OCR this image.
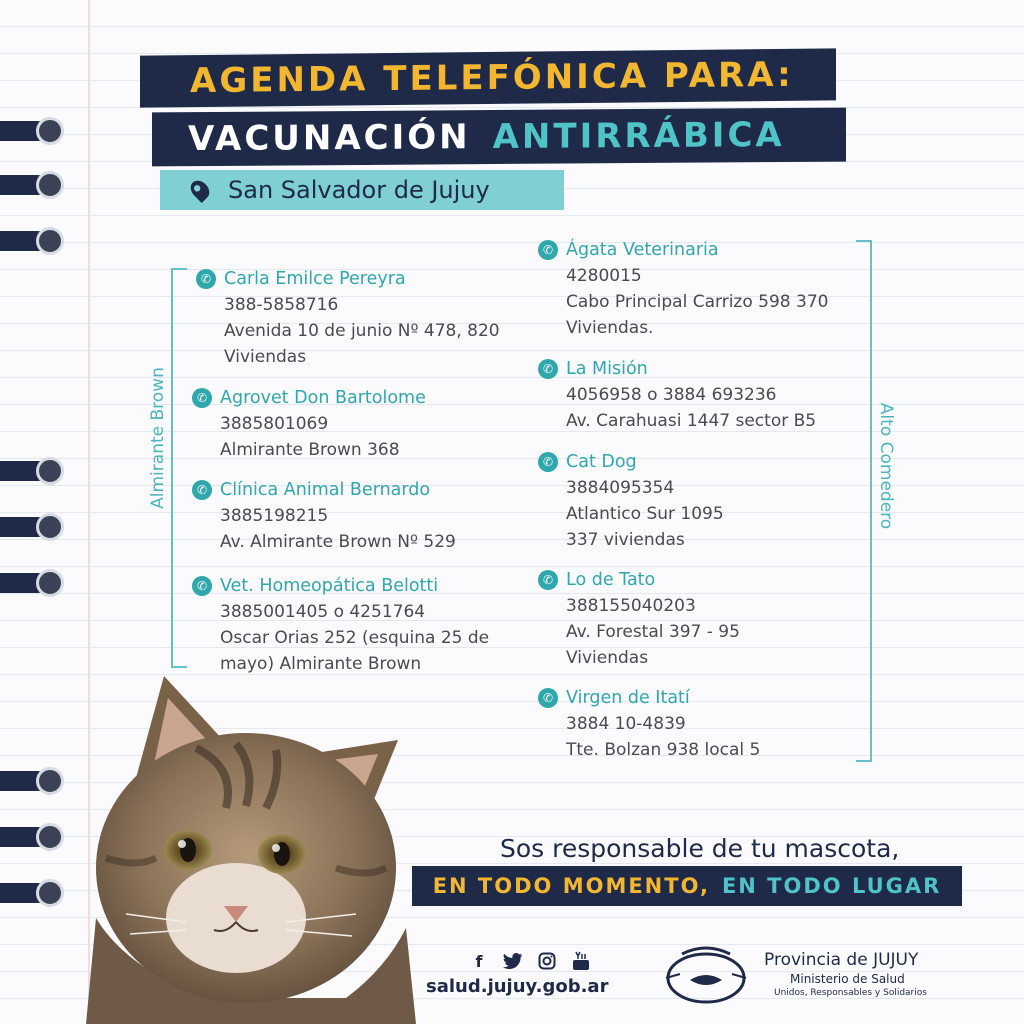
AGENDA TELEFÓNICA PARA:
VACUNACIÓN ANTIRRÁBICA
San Salvador de Jujuy
Almirante Brown	Alto Comedero
✆ Carla Emilce Pereyra
388-5858716
Avenida 10 de junio Nº 478, 820
Viviendas
✆ Agrovet Don Bartolome
3885801069
Almirante Brown 368
✆ Clínica Animal Bernardo
3885198215
Av. Almirante Brown Nº 529
✆ Vet. Homeopática Belotti
3885001405 o 4251764
Oscar Orias 252 (esquina 25 de
mayo) Almirante Brown
✆ Ágata Veterinaria
4280015
Cabo Principal Carrizo 598 370
Viviendas.
✆ La Misión
4056958 o 3884 693236
Av. Carahuasi 1447 sector B5
✆ Cat Dog
3884095354
Atlantico Sur 1095
337 viviendas
✆ Lo de Tato
388155040203
Av. Forestal 397 - 95
Viviendas
✆ Virgen de Itatí
3884 10-4839
Tte. Bolzan 938 local 5
Sos responsable de tu mascota,
EN TODO MOMENTO, EN TODO LUGAR
f
salud.jujuy.gob.ar
Provincia de JUJUY
Ministerio de Salud
Unidos, Responsables y Solidarios
